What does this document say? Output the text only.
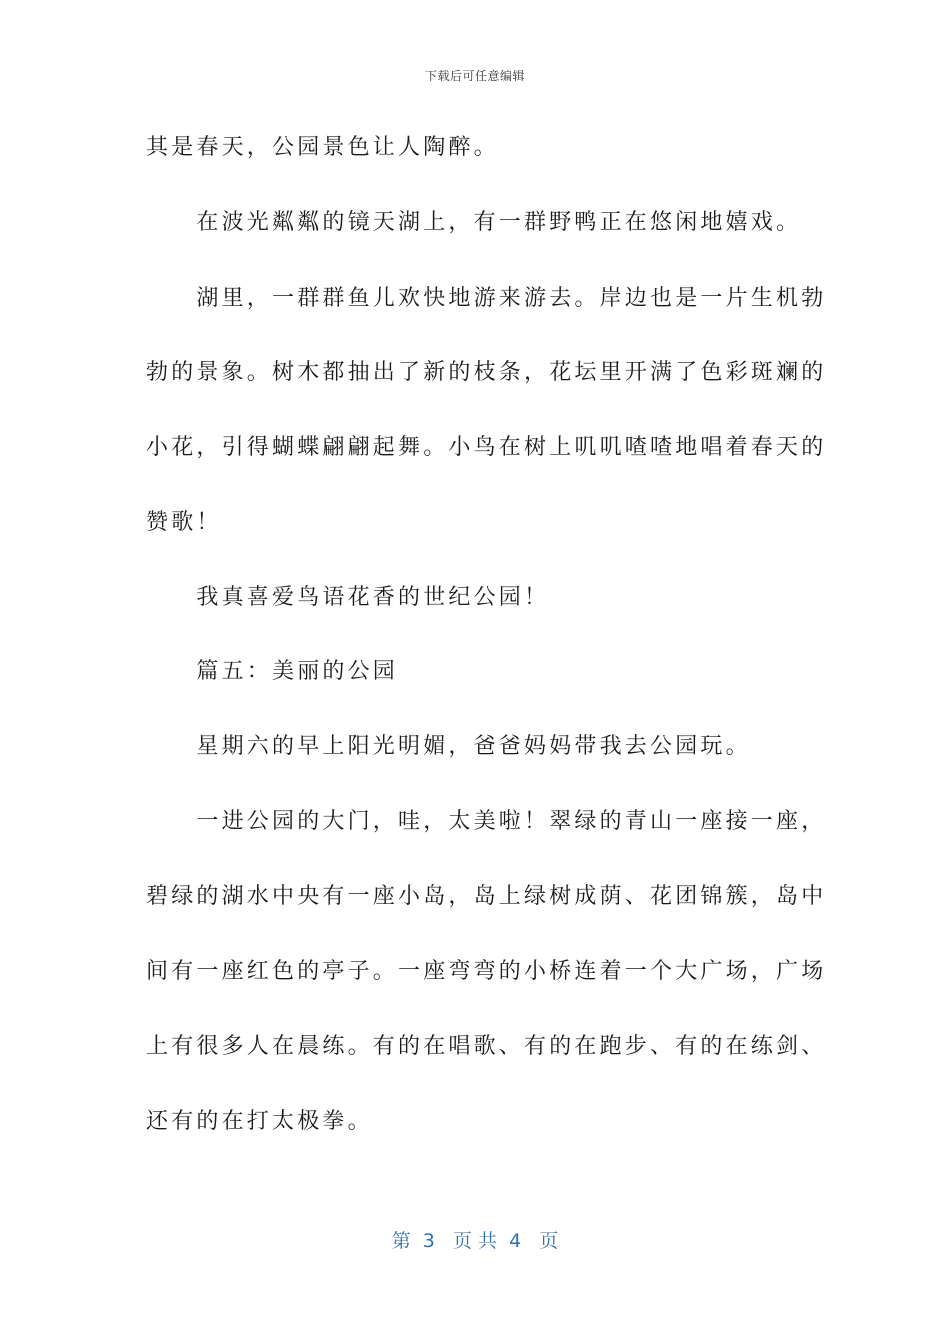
下载后可任意编辑
其是春天，公园景色让人陶醉。
　　在波光粼粼的镜天湖上，有一群野鸭正在悠闲地嬉戏。
　　湖里，一群群鱼儿欢快地游来游去。岸边也是一片生机勃
勃的景象。树木都抽出了新的枝条，花坛里开满了色彩斑斓的
小花，引得蝴蝶翩翩起舞。小鸟在树上叽叽喳喳地唱着春天的
赞歌！
　　我真喜爱鸟语花香的世纪公园！
　　篇五：美丽的公园
　　星期六的早上阳光明媚，爸爸妈妈带我去公园玩。
　　一进公园的大门，哇，太美啦！翠绿的青山一座接一座，
碧绿的湖水中央有一座小岛，岛上绿树成荫、花团锦簇，岛中
间有一座红色的亭子。一座弯弯的小桥连着一个大广场，广场
上有很多人在晨练。有的在唱歌、有的在跑步、有的在练剑、
还有的在打太极拳。
第  3   页 共  4   页
